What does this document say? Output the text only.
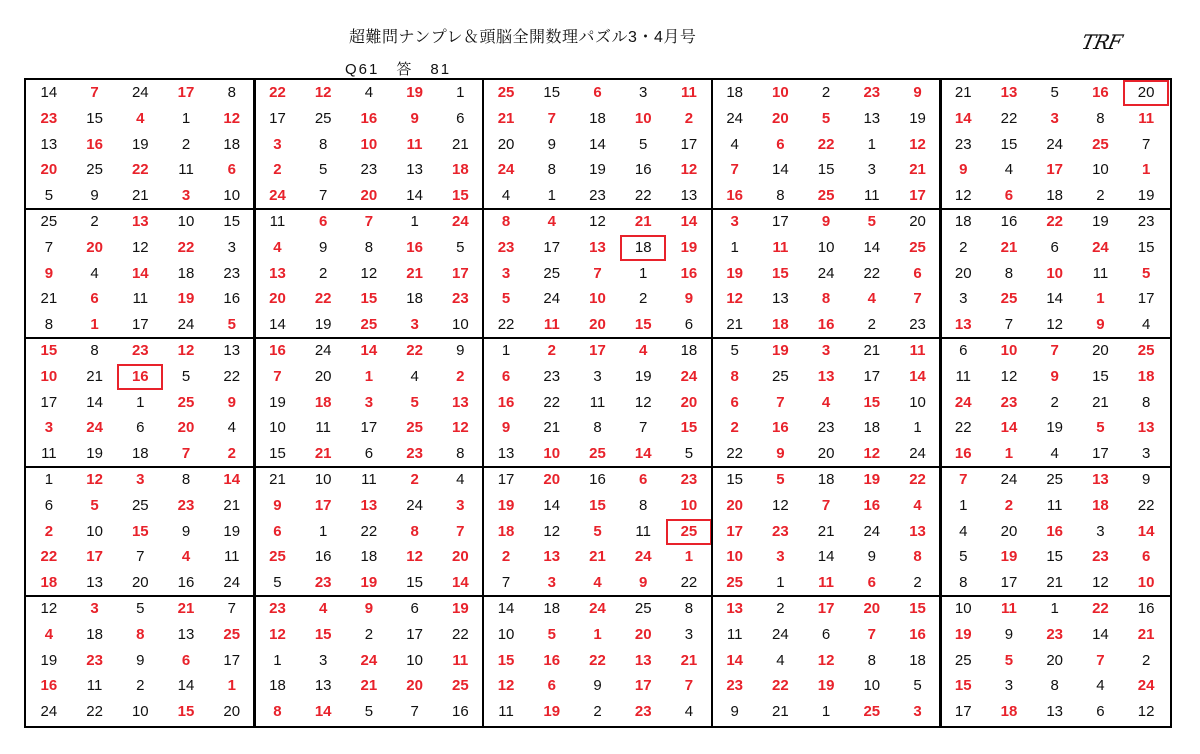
超難問ナンプレ＆頭脳全開数理パズル3・4月号
Q61　答　81
TRF
14	7	24	17	8	22	12	4	19	1	25	15	6	3	11	18	10	2	23	9	21	13	5	16	20
23	15	4	1	12	17	25	16	9	6	21	7	18	10	2	24	20	5	13	19	14	22	3	8	11
13	16	19	2	18	3	8	10	11	21	20	9	14	5	17	4	6	22	1	12	23	15	24	25	7
20	25	22	11	6	2	5	23	13	18	24	8	19	16	12	7	14	15	3	21	9	4	17	10	1
5	9	21	3	10	24	7	20	14	15	4	1	23	22	13	16	8	25	11	17	12	6	18	2	19
25	2	13	10	15	11	6	7	1	24	8	4	12	21	14	3	17	9	5	20	18	16	22	19	23
7	20	12	22	3	4	9	8	16	5	23	17	13	18	19	1	11	10	14	25	2	21	6	24	15
9	4	14	18	23	13	2	12	21	17	3	25	7	1	16	19	15	24	22	6	20	8	10	11	5
21	6	11	19	16	20	22	15	18	23	5	24	10	2	9	12	13	8	4	7	3	25	14	1	17
8	1	17	24	5	14	19	25	3	10	22	11	20	15	6	21	18	16	2	23	13	7	12	9	4
15	8	23	12	13	16	24	14	22	9	1	2	17	4	18	5	19	3	21	11	6	10	7	20	25
10	21	16	5	22	7	20	1	4	2	6	23	3	19	24	8	25	13	17	14	11	12	9	15	18
17	14	1	25	9	19	18	3	5	13	16	22	11	12	20	6	7	4	15	10	24	23	2	21	8
3	24	6	20	4	10	11	17	25	12	9	21	8	7	15	2	16	23	18	1	22	14	19	5	13
11	19	18	7	2	15	21	6	23	8	13	10	25	14	5	22	9	20	12	24	16	1	4	17	3
1	12	3	8	14	21	10	11	2	4	17	20	16	6	23	15	5	18	19	22	7	24	25	13	9
6	5	25	23	21	9	17	13	24	3	19	14	15	8	10	20	12	7	16	4	1	2	11	18	22
2	10	15	9	19	6	1	22	8	7	18	12	5	11	25	17	23	21	24	13	4	20	16	3	14
22	17	7	4	11	25	16	18	12	20	2	13	21	24	1	10	3	14	9	8	5	19	15	23	6
18	13	20	16	24	5	23	19	15	14	7	3	4	9	22	25	1	11	6	2	8	17	21	12	10
12	3	5	21	7	23	4	9	6	19	14	18	24	25	8	13	2	17	20	15	10	11	1	22	16
4	18	8	13	25	12	15	2	17	22	10	5	1	20	3	11	24	6	7	16	19	9	23	14	21
19	23	9	6	17	1	3	24	10	11	15	16	22	13	21	14	4	12	8	18	25	5	20	7	2
16	11	2	14	1	18	13	21	20	25	12	6	9	17	7	23	22	19	10	5	15	3	8	4	24
24	22	10	15	20	8	14	5	7	16	11	19	2	23	4	9	21	1	25	3	17	18	13	6	12
